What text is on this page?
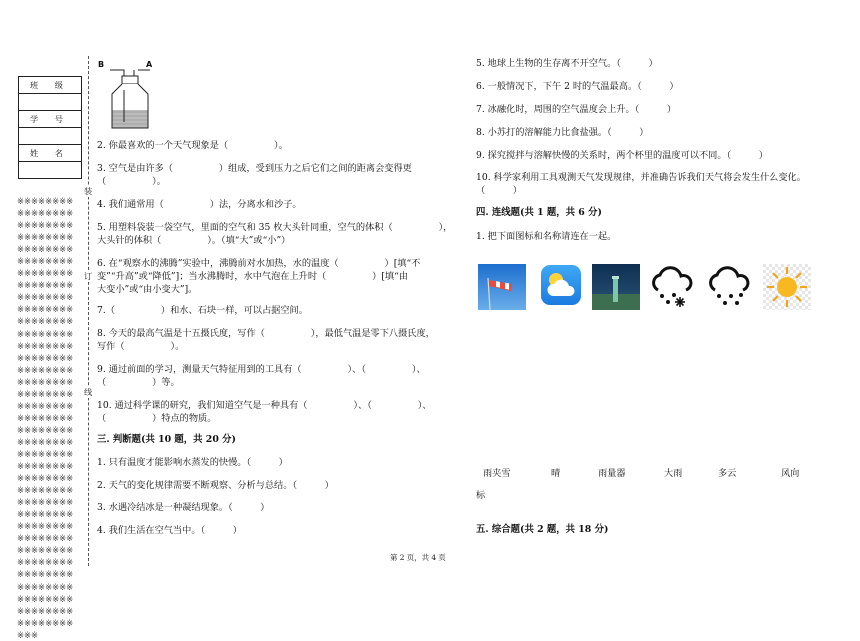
班 级

学 号

姓 名

※※※※※※※※※※※※※※※※※※※※※※※※※※※※※※※※※※※※※※※※※※※※※※※※※※※※※※※※※※※※※※※※※※※※※※※※※※※※※※※※※※※※※※※※※※※※※※※※※※※※※※※※※※※※※※※※※※※※※※※※※※※※※※※※※※※※※※※※※※※※※※※※※※※※※※※※※※※※※※※※※※※※※※※※※※※※※※※※※※※※※※※※※※※※※※※※※※※※※※※※※※※※※※※※※※※※※※※※※※※※※※※※※※※※※※※※※※※※※※※※※※※※※※※※※※※※※※※※※※※※※※※※※※※※※※※※※※※※※※※※※※※※※※※※※※※
装
订
线
B	A
2. 你最喜欢的一个天气现象是（　　　　　）。
3. 空气是由许多（　　　　　）组成，受到压力之后它们之间的距离会变得更
（　　　　　）。
4. 我们通常用（　　　　　）法，分离水和沙子。
5. 用塑料袋装一袋空气，里面的空气和 35 枚大头针同重，空气的体积（　　　　　），
大头针的体积（　　　　　）。（填“大”或“小”）
6. 在“观察水的沸腾”实验中，沸腾前对水加热，水的温度（　　　　　）[填“不
变”“升高”或“降低”]；当水沸腾时，水中气泡在上升时（　　　　　）[填“由
大变小”或“由小变大”]。
7.（　　　　　）和水、石块一样，可以占据空间。
8. 今天的最高气温是十五摄氏度，写作（　　　　　），最低气温是零下八摄氏度，
写作（　　　　　）。
9. 通过前面的学习，测量天气特征用到的工具有（　　　　　）、（　　　　　）、
（　　　　　）等。
10. 通过科学课的研究，我们知道空气是一种具有（　　　　　）、（　　　　　）、
（　　　　　）特点的物质。
三. 判断题(共 10 题，共 20 分)
1. 只有温度才能影响水蒸发的快慢。（　　　）
2. 天气的变化规律需要不断观察、分析与总结。（　　　）
3. 水遇冷结冰是一种凝结现象。（　　　）
4. 我们生活在空气当中。（　　　）
5. 地球上生物的生存离不开空气。（　　　）
6. 一般情况下，下午 2 时的气温最高。（　　　）
7. 冰融化时，周围的空气温度会上升。（　　　）
8. 小苏打的溶解能力比食盐强。（　　　）
9. 探究搅拌与溶解快慢的关系时，两个杯里的温度可以不同。（　　　）
10. 科学家利用工具观测天气发现规律，并准确告诉我们天气将会发生什么变化。
（　　　）
四. 连线题(共 1 题，共 6 分)
1. 把下面图标和名称请连在一起。
雨夹雪	晴	雨量器	大雨	多云	风向
标
五. 综合题(共 2 题，共 18 分)
第 2 页，共 4 页
